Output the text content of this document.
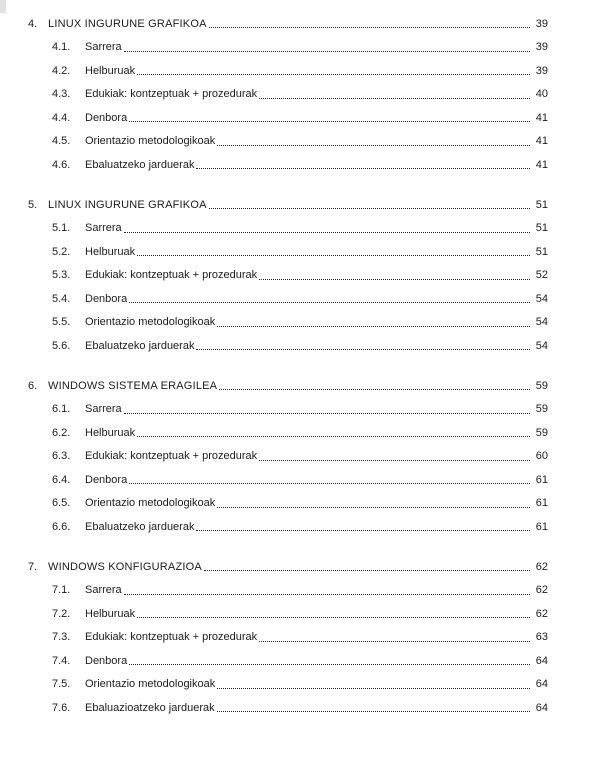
4. LINUX INGURUNE GRAFIKOA	39
4.1.	Sarrera	39
4.2.	Helburuak	39
4.3.	Edukiak: kontzeptuak + prozedurak	40
4.4.	Denbora	41
4.5.	Orientazio metodologikoak	41
4.6.	Ebaluatzeko jarduerak	41
5. LINUX INGURUNE GRAFIKOA	51
5.1.	Sarrera	51
5.2.	Helburuak	51
5.3.	Edukiak: kontzeptuak + prozedurak	52
5.4.	Denbora	54
5.5.	Orientazio metodologikoak	54
5.6.	Ebaluatzeko jarduerak	54
6. WINDOWS SISTEMA ERAGILEA	59
6.1.	Sarrera	59
6.2.	Helburuak	59
6.3.	Edukiak: kontzeptuak + prozedurak	60
6.4.	Denbora	61
6.5.	Orientazio metodologikoak	61
6.6.	Ebaluatzeko jarduerak	61
7. WINDOWS KONFIGURAZIOA	62
7.1.	Sarrera	62
7.2.	Helburuak	62
7.3.	Edukiak: kontzeptuak + prozedurak	63
7.4.	Denbora	64
7.5.	Orientazio metodologikoak	64
7.6.	Ebaluazioatzeko jarduerak	64
